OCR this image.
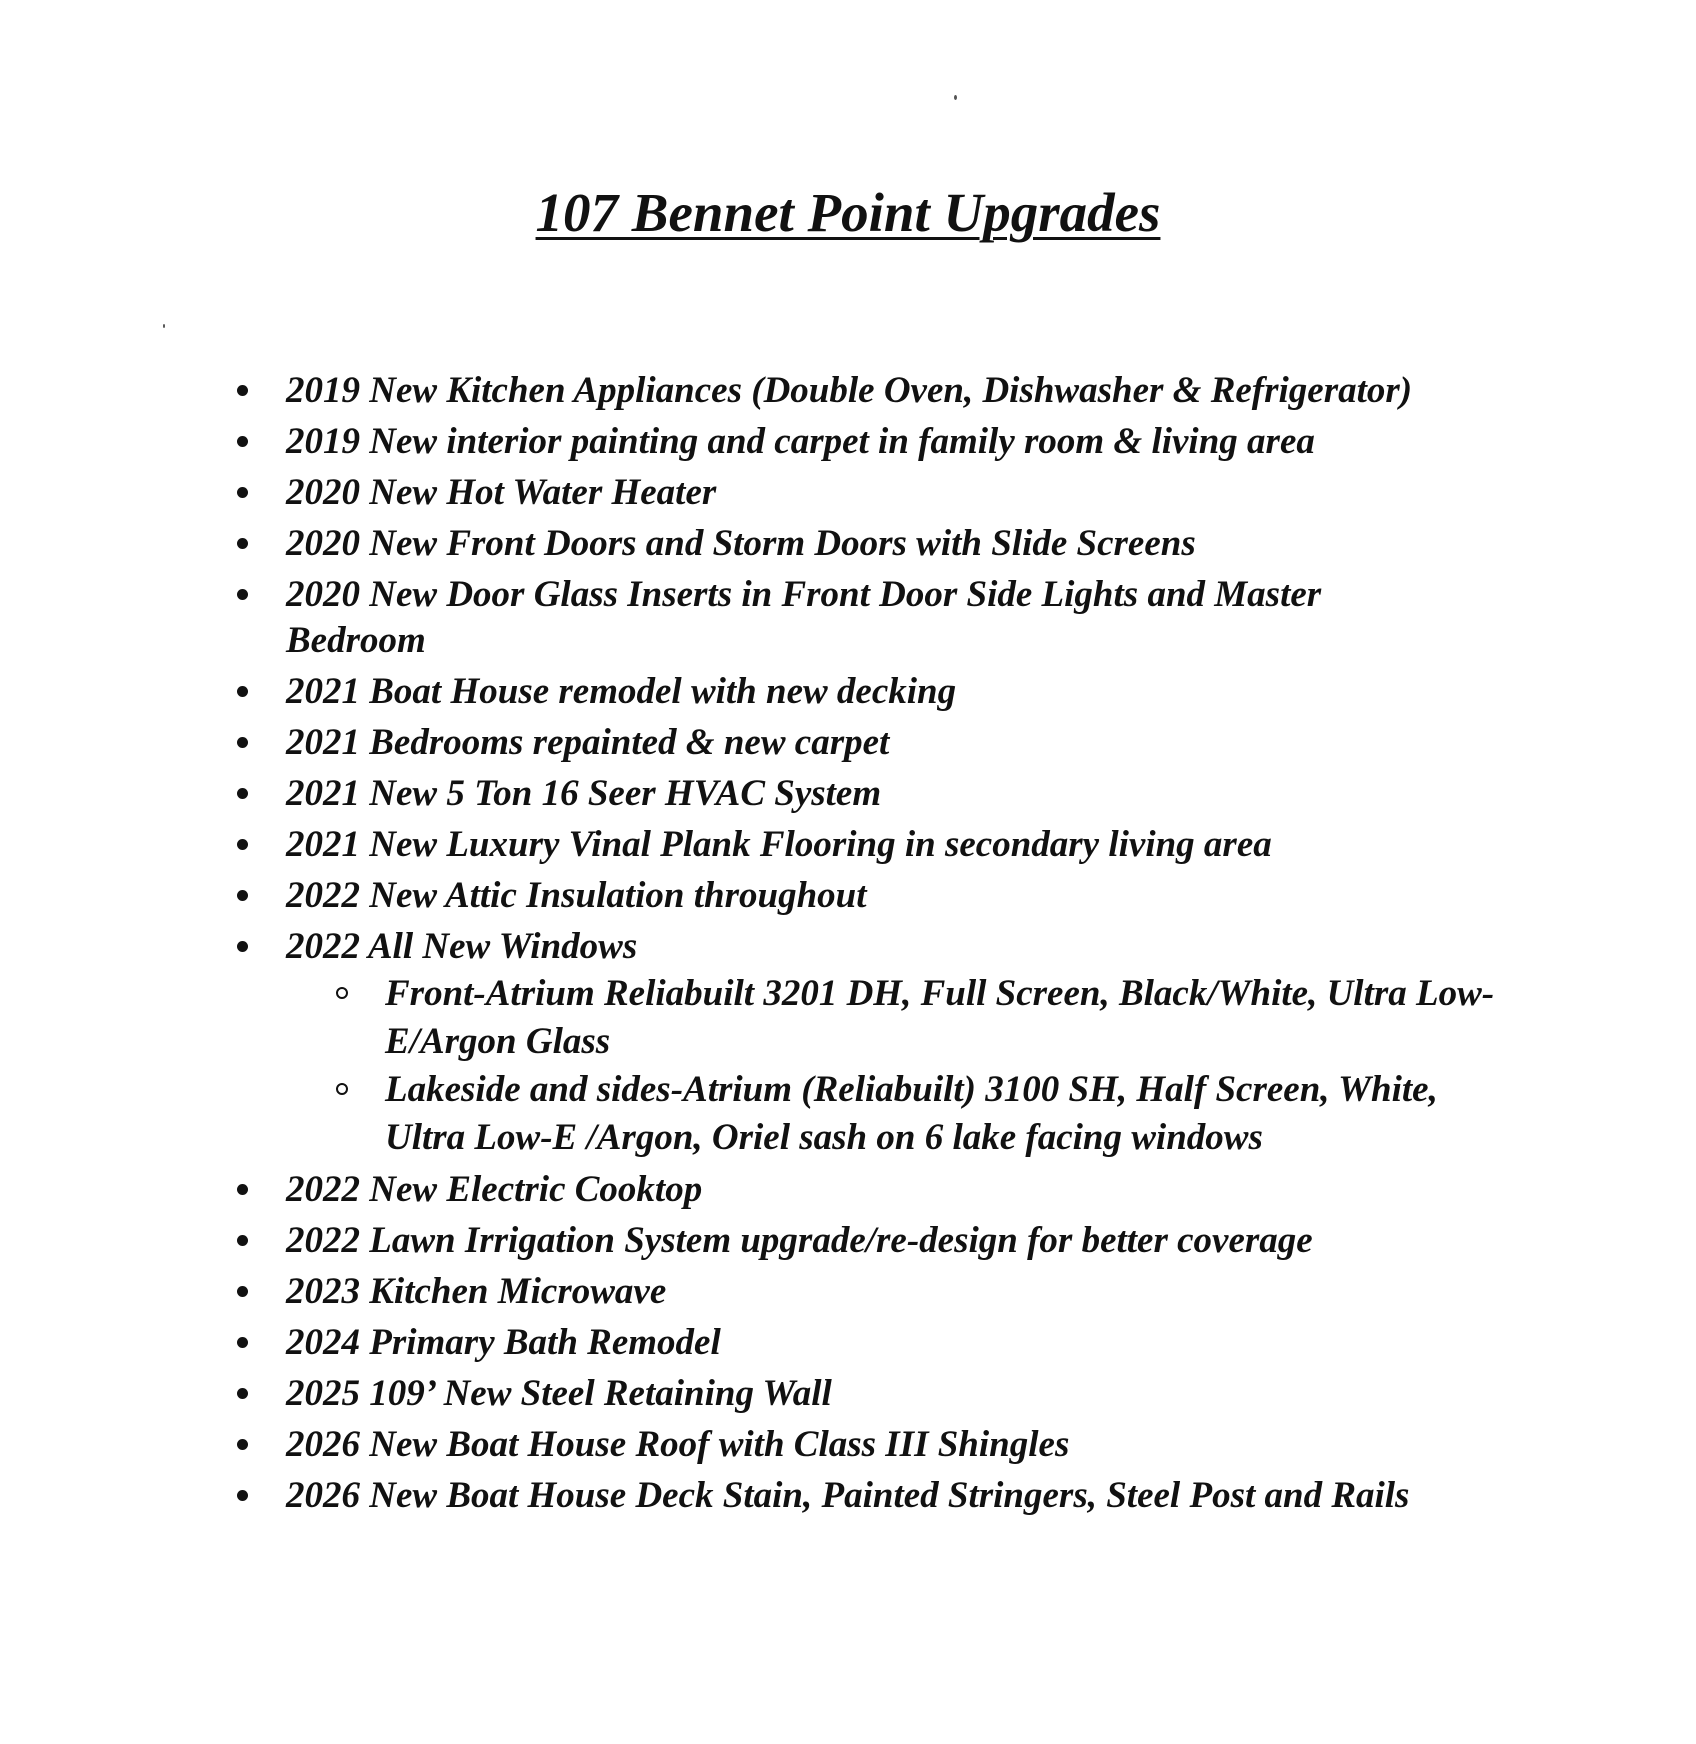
107 Bennet Point Upgrades
2019 New Kitchen Appliances (Double Oven, Dishwasher & Refrigerator)
2019 New interior painting and carpet in family room & living area
2020 New Hot Water Heater
2020 New Front Doors and Storm Doors with Slide Screens
2020 New Door Glass Inserts in Front Door Side Lights and Master Bedroom
2021 Boat House remodel with new decking
2021 Bedrooms repainted & new carpet
2021 New 5 Ton 16 Seer HVAC System
2021 New Luxury Vinal Plank Flooring in secondary living area
2022 New Attic Insulation throughout
2022 All New Windows
Front-Atrium Reliabuilt 3201 DH, Full Screen, Black/White, Ultra Low-E/Argon Glass
Lakeside and sides-Atrium (Reliabuilt) 3100 SH, Half Screen, White, Ultra Low-E /Argon, Oriel sash on 6 lake facing windows
2022 New Electric Cooktop
2022 Lawn Irrigation System upgrade/re-design for better coverage
2023 Kitchen Microwave
2024 Primary Bath Remodel
2025 109’ New Steel Retaining Wall
2026 New Boat House Roof with Class III Shingles
2026 New Boat House Deck Stain, Painted Stringers, Steel Post and Rails
